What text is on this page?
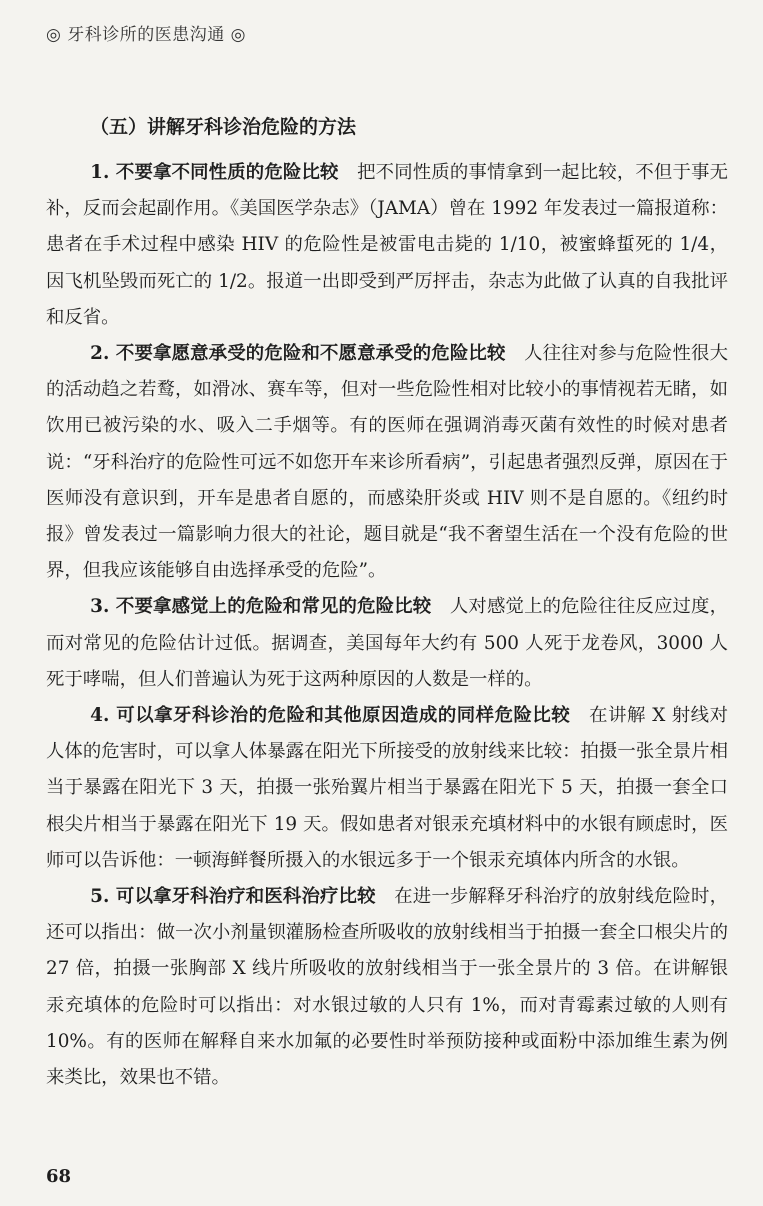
◎ 牙科诊所的医患沟通 ◎
（五）讲解牙科诊治危险的方法

1. 不要拿不同性质的危险比较　把不同性质的事情拿到一起比较，不但于事无补，反而会起副作用。《美国医学杂志》（JAMA）曾在 1992 年发表过一篇报道称：患者在手术过程中感染 HIV 的危险性是被雷电击毙的 1/10，被蜜蜂蜇死的 1/4，因飞机坠毁而死亡的 1/2。报道一出即受到严厉抨击，杂志为此做了认真的自我批评和反省。

2. 不要拿愿意承受的危险和不愿意承受的危险比较　人往往对参与危险性很大的活动趋之若鹜，如滑冰、赛车等，但对一些危险性相对比较小的事情视若无睹，如饮用已被污染的水、吸入二手烟等。有的医师在强调消毒灭菌有效性的时候对患者说：“牙科治疗的危险性可远不如您开车来诊所看病”，引起患者强烈反弹，原因在于医师没有意识到，开车是患者自愿的，而感染肝炎或 HIV 则不是自愿的。《纽约时报》曾发表过一篇影响力很大的社论，题目就是“我不奢望生活在一个没有危险的世界，但我应该能够自由选择承受的危险”。

3. 不要拿感觉上的危险和常见的危险比较　人对感觉上的危险往往反应过度，而对常见的危险估计过低。据调查，美国每年大约有 500 人死于龙卷风，3000 人死于哮喘，但人们普遍认为死于这两种原因的人数是一样的。

4. 可以拿牙科诊治的危险和其他原因造成的同样危险比较　在讲解 X 射线对人体的危害时，可以拿人体暴露在阳光下所接受的放射线来比较：拍摄一张全景片相当于暴露在阳光下 3 天，拍摄一张殆翼片相当于暴露在阳光下 5 天，拍摄一套全口根尖片相当于暴露在阳光下 19 天。假如患者对银汞充填材料中的水银有顾虑时，医师可以告诉他：一顿海鲜餐所摄入的水银远多于一个银汞充填体内所含的水银。

5. 可以拿牙科治疗和医科治疗比较　在进一步解释牙科治疗的放射线危险时，还可以指出：做一次小剂量钡灌肠检查所吸收的放射线相当于拍摄一套全口根尖片的 27 倍，拍摄一张胸部 X 线片所吸收的放射线相当于一张全景片的 3 倍。在讲解银汞充填体的危险时可以指出：对水银过敏的人只有 1%，而对青霉素过敏的人则有 10%。有的医师在解释自来水加氟的必要性时举预防接种或面粉中添加维生素为例来类比，效果也不错。

68
